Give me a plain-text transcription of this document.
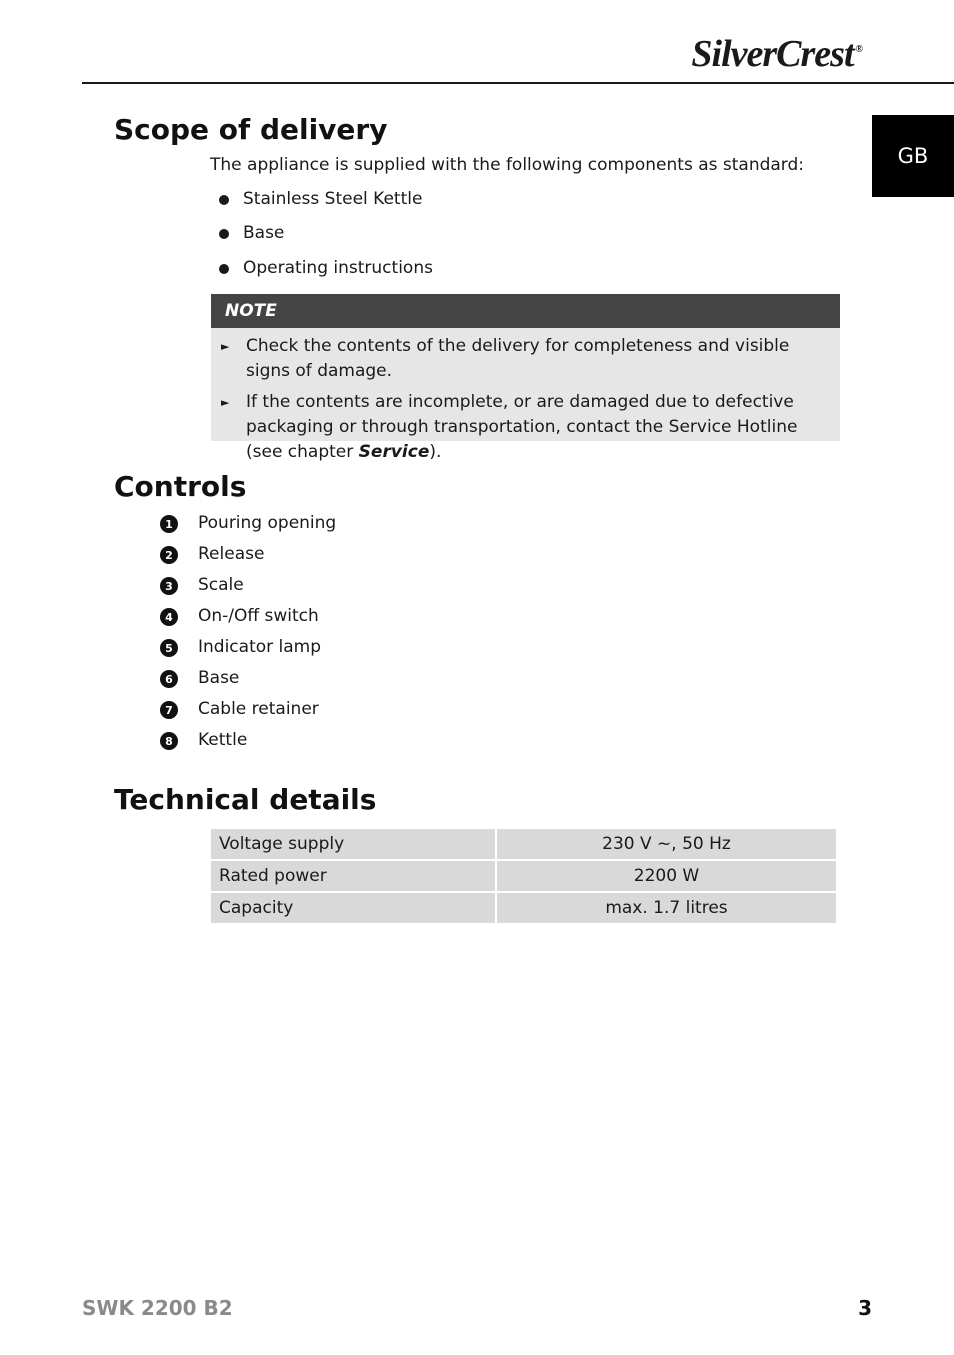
SilverCrest ®
GB
Scope of delivery
The appliance is supplied with the following components as standard:
Stainless Steel Kettle
Base
Operating instructions
NOTE
► Check the contents of the delivery for completeness and visible signs of damage.
► If the contents are incomplete, or are damaged due to defective packaging or through transportation, contact the Service Hotline (see chapter Service).
Controls
1	Pouring opening
2	Release
3	Scale
4	On-/Off switch
5	Indicator lamp
6	Base
7	Cable retainer
8	Kettle
Technical details
Voltage supply	230 V ~, 50 Hz
Rated power	2200 W
Capacity	max. 1.7 litres
SWK 2200 B2	3
